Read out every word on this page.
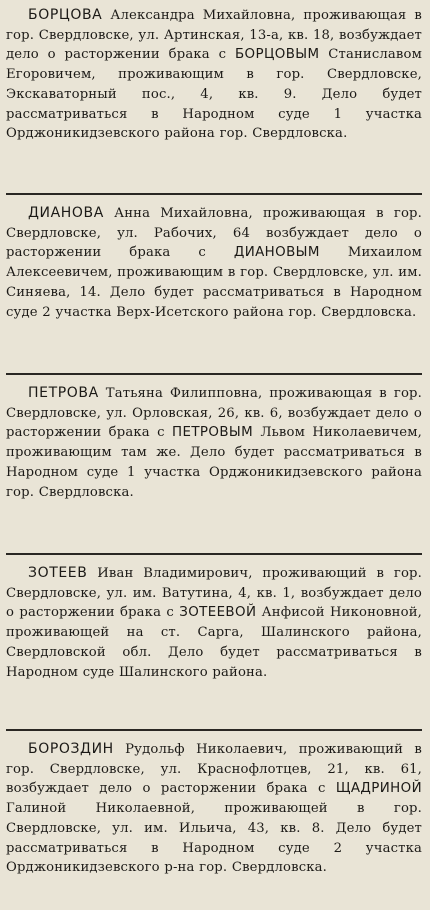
БОРЦОВА Александра Михайловна, проживающая в гор. Свердловске, ул. Артинская, 13-а, кв. 18, возбуждает дело о расторжении брака с БОРЦОВЫМ Станиславом Егоровичем, проживающим в гор. Свердловске, Экскаваторный пос., 4, кв. 9. Дело будет рассматриваться в Народном суде 1 участка Орджоникидзевского района гор. Свердловска.

ДИАНОВА Анна Михайловна, проживающая в гор. Свердловске, ул. Рабочих, 64 возбуждает дело о расторжении брака с ДИАНОВЫМ Михаилом Алексеевичем, проживающим в гор. Свердловске, ул. им. Синяева, 14. Дело будет рассматриваться в Народном суде 2 участка Верх-Исетского района гор. Свердловска.

ПЕТРОВА Татьяна Филипповна, проживающая в гор. Свердловске, ул. Орловская, 26, кв. 6, возбуждает дело о расторжении брака с ПЕТРОВЫМ Львом Николаевичем, проживающим там же. Дело будет рассматриваться в Народном суде 1 участка Орджоникидзевского района гор. Свердловска.

ЗОТЕЕВ Иван Владимирович, проживающий в гор. Свердловске, ул. им. Ватутина, 4, кв. 1, возбуждает дело о расторжении брака с ЗОТЕЕВОЙ Анфисой Никоновной, проживающей на ст. Сарга, Шалинского района, Свердловской обл. Дело будет рассматриваться в Народном суде Шалинского района.

БОРОЗДИН Рудольф Николаевич, проживающий в гор. Свердловске, ул. Краснофлотцев, 21, кв. 61, возбуждает дело о расторжении брака с ЩАДРИНОЙ Галиной Николаевной, проживающей в гор. Свердловске, ул. им. Ильича, 43, кв. 8. Дело будет рассматриваться в Народном суде 2 участка Орджоникидзевского р-на гор. Свердловска.
